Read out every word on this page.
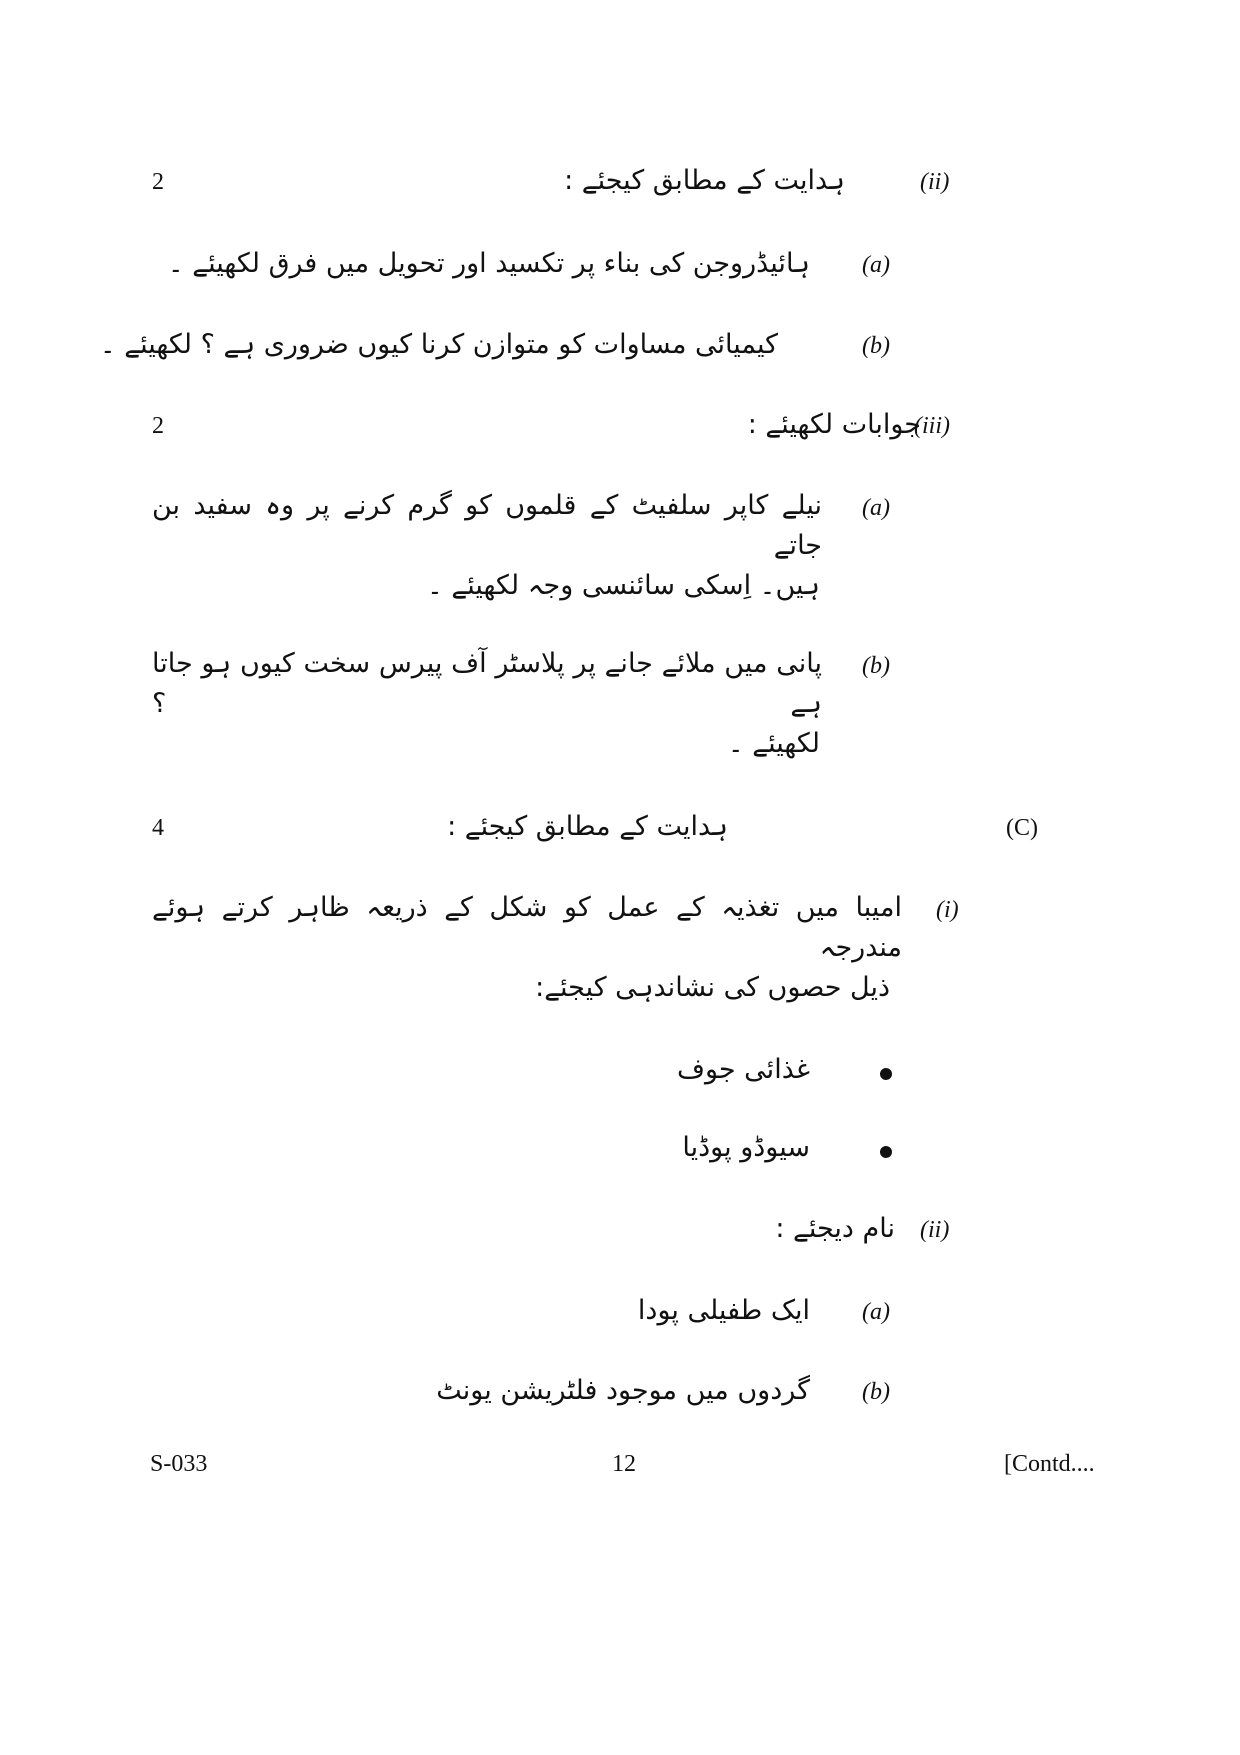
2	ہدایت کے مطابق کیجئے :	(ii)
(a)
ہائیڈروجن کی بناء پر تکسید اور تحویل میں فرق لکھیئے ۔
(b)
کیمیائی مساوات کو متوازن کرنا کیوں ضروری ہے ؟ لکھیئے ۔
2	جوابات لکھیئے :
(iii)
(a)
نیلے کاپر سلفیٹ کے قلموں کو گرم کرنے پر وہ سفید بن جاتے
ہیں۔ اِسکی سائنسی وجہ لکھیئے ۔
(b)
پانی میں ملائے جانے پر پلاسٹر آف پیرس سخت کیوں ہو جاتا ہے ؟
لکھیئے ۔
4	ہدایت کے مطابق کیجئے :	(C)
(i)
امیبا میں تغذیہ کے عمل کو شکل کے ذریعہ ظاہر کرتے ہوئے مندرجہ
ذیل حصوں کی نشاندہی کیجئے:
غذائی جوف
سیوڈو پوڈیا
(ii)
نام دیجئے :
(a)
ایک طفیلی پودا
(b)
گردوں میں موجود فلٹریشن یونٹ
S-033	12	[Contd....
